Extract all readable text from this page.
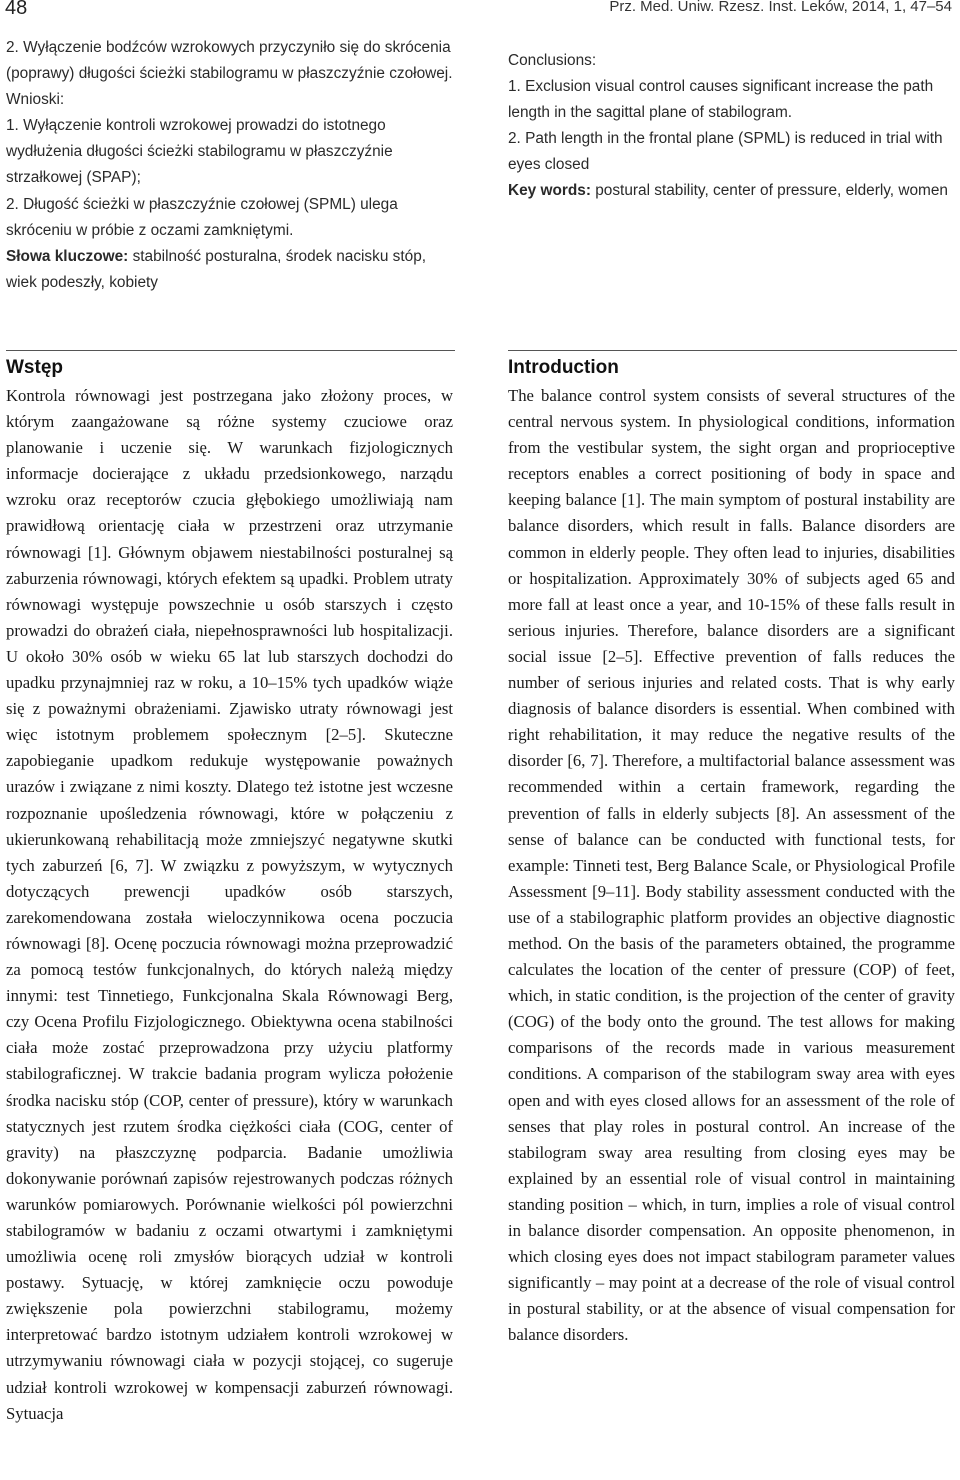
48	Prz. Med. Uniw. Rzesz. Inst. Leków, 2014, 1, 47–54

2. Wyłączenie bodźców wzrokowych przyczyniło się do skrócenia (poprawy) długości ścieżki stabilogramu w płaszczyźnie czołowej.

Wnioski:

1. Wyłączenie kontroli wzrokowej prowadzi do istotnego wydłużenia długości ścieżki stabilogramu w płaszczyźnie strzałkowej (SPAP);

2. Długość ścieżki w płaszczyźnie czołowej (SPML) ulega skróceniu w próbie z oczami zamkniętymi.

Słowa kluczowe: stabilność posturalna, środek nacisku stóp, wiek podeszły, kobiety

Conclusions:

1. Exclusion visual control causes significant increase the path length in the sagittal plane of stabilogram.

2. Path length in the frontal plane (SPML) is reduced in trial with eyes closed

Key words: postural stability, center of pressure, elderly, women

Wstęp

Kontrola równowagi jest postrzegana jako złożony proces, w którym zaangażowane są różne systemy czuciowe oraz planowanie i uczenie się. W warunkach fizjologicznych informacje docierające z układu przedsionkowego, narządu wzroku oraz receptorów czucia głębokiego umożliwiają nam prawidłową orientację ciała w przestrzeni oraz utrzymanie równowagi [1]. Głównym objawem niestabilności posturalnej są zaburzenia równowagi, których efektem są upadki. Problem utraty równowagi występuje powszechnie u osób starszych i często prowadzi do obrażeń ciała, niepełnosprawności lub hospitalizacji. U około 30% osób w wieku 65 lat lub starszych dochodzi do upadku przynajmniej raz w roku, a 10–15% tych upadków wiąże się z poważnymi obrażeniami. Zjawisko utraty równowagi jest więc istotnym problemem społecznym [2–5]. Skuteczne zapobieganie upadkom redukuje występowanie poważnych urazów i związane z nimi koszty. Dlatego też istotne jest wczesne rozpoznanie upośledzenia równowagi, które w połączeniu z ukierunkowaną rehabilitacją może zmniejszyć negatywne skutki tych zaburzeń [6, 7]. W związku z powyższym, w wytycznych dotyczących prewencji upadków osób starszych, zarekomendowana została wieloczynnikowa ocena poczucia równowagi [8]. Ocenę poczucia równowagi można przeprowadzić za pomocą testów funkcjonalnych, do których należą między innymi: test Tinnetiego, Funkcjonalna Skala Równowagi Berg, czy Ocena Profilu Fizjologicznego. Obiektywna ocena stabilności ciała może zostać przeprowadzona przy użyciu platformy stabilograficznej. W trakcie badania program wylicza położenie środka nacisku stóp (COP, center of pressure), który w warunkach statycznych jest rzutem środka ciężkości ciała (COG, center of gravity) na płaszczyznę podparcia. Badanie umożliwia dokonywanie porównań zapisów rejestrowanych podczas różnych warunków pomiarowych. Porównanie wielkości pól powierzchni stabilogramów w badaniu z oczami otwartymi i zamkniętymi umożliwia ocenę roli zmysłów biorących udział w kontroli postawy. Sytuację, w której zamknięcie oczu powoduje zwiększenie pola powierzchni stabilogramu, możemy interpretować bardzo istotnym udziałem kontroli wzrokowej w utrzymywaniu równowagi ciała w pozycji stojącej, co sugeruje udział kontroli wzrokowej w kompensacji zaburzeń równowagi. Sytuacja

Introduction

The balance control system consists of several structures of the central nervous system. In physiological conditions, information from the vestibular system, the sight organ and proprioceptive receptors enables a correct positioning of body in space and keeping balance [1]. The main symptom of postural instability are balance disorders, which result in falls. Balance disorders are common in elderly people. They often lead to injuries, disabilities or hospitalization. Approximately 30% of subjects aged 65 and more fall at least once a year, and 10-15% of these falls result in serious injuries. Therefore, balance disorders are a significant social issue [2–5]. Effective prevention of falls reduces the number of serious injuries and related costs. That is why early diagnosis of balance disorders is essential. When combined with right rehabilitation, it may reduce the negative results of the disorder [6, 7]. Therefore, a multifactorial balance assessment was recommended within a certain framework, regarding the prevention of falls in elderly subjects [8]. An assessment of the sense of balance can be conducted with functional tests, for example: Tinneti test, Berg Balance Scale, or Physiological Profile Assessment [9–11]. Body stability assessment conducted with the use of a stabilographic platform provides an objective diagnostic method. On the basis of the parameters obtained, the programme calculates the location of the center of pressure (COP) of feet, which, in static condition, is the projection of the center of gravity (COG) of the body onto the ground. The test allows for making comparisons of the records made in various measurement conditions. A comparison of the stabilogram sway area with eyes open and with eyes closed allows for an assessment of the role of senses that play roles in postural control. An increase of the stabilogram sway area resulting from closing eyes may be explained by an essential role of visual control in maintaining standing position – which, in turn, implies a role of visual control in balance disorder compensation. An opposite phenomenon, in which closing eyes does not impact stabilogram parameter values significantly – may point at a decrease of the role of visual control in postural stability, or at the absence of visual compensation for balance disorders.
